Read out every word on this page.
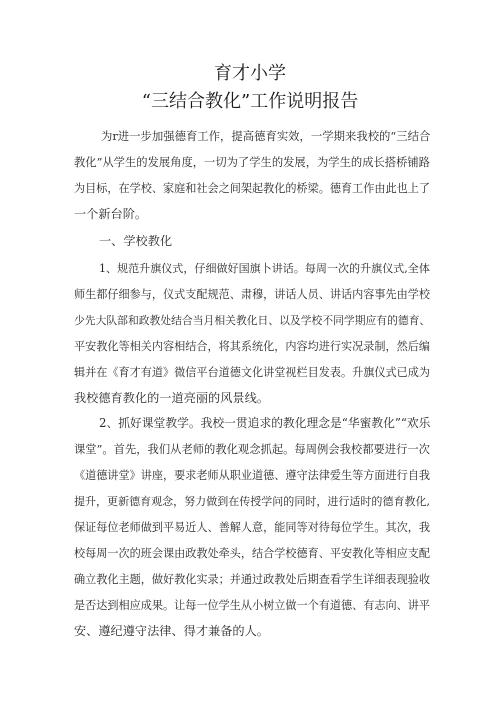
育才小学
“三结合教化”工作说明报告
为r进一步加强德育工作，提高德育实效，一学期来我校的“三结合
教化”从学生的发展角度，一切为了学生的发展，为学生的成长搭桥铺路
为目标，在学校、家庭和社会之间架起教化的桥梁。德育工作由此也上了
一个新台阶。
一、学校教化
1、规范升旗仪式，仔细做好国旗卜讲话。每周一次的升旗仪式,全体
师生都仔细参与，仪式支配规范、肃穆，讲话人员、讲话内容事先由学校
少先大队部和政教处结合当月相关教化日、以及学校不同学期应有的德育、
平安教化等相关内容相结合，将其系统化，内容均进行实况录制，然后编
辑并在《育才有道》微信平台道德文化讲堂视栏目发表。升旗仪式已成为
我校德育教化的一道亮丽的风景线。
2、抓好课堂教学。我校一贯追求的教化理念是“华蜜教化”“欢乐
课堂”。首先，我们从老师的教化观念抓起。每周例会我校都要进行一次
《道德讲堂》讲座，要求老师从职业道德、遵守法律爱生等方面进行自我
提升，更新德育观念，努力做到在传授学问的同时，进行适时的德育教化,
保证每位老师做到平易近人、善解人意，能同等对待每位学生。其次，我
校每周一次的班会课由政教处牵头，结合学校德育、平安教化等相应支配
确立教化主题，做好教化实录；并通过政教处后期查看学生详细表现验收
是否达到相应成果。让每一位学生从小树立做一个有道德、有志向、讲平
安、遵纪遵守法律、得才兼备的人。
